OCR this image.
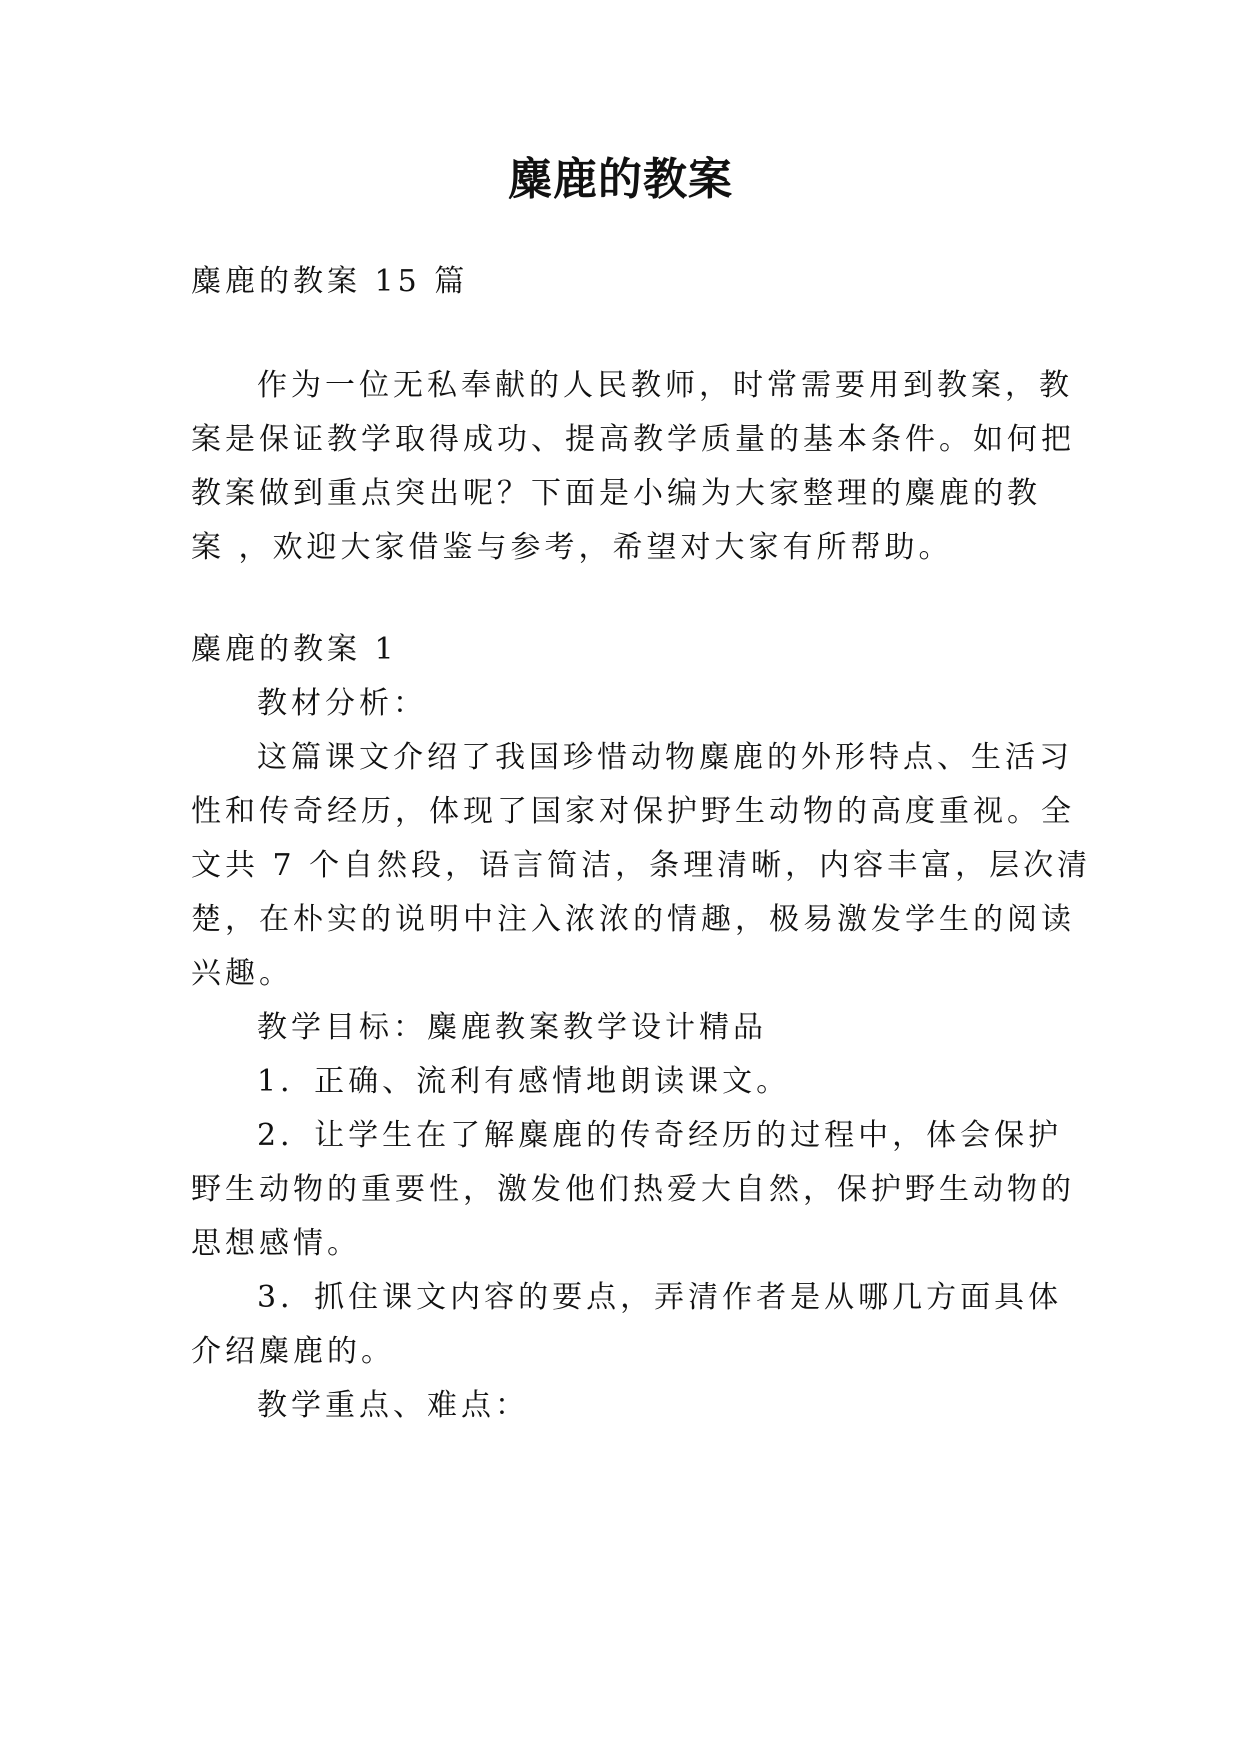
麋鹿的教案
麋鹿的教案 15 篇
作为一位无私奉献的人民教师，时常需要用到教案，教
案是保证教学取得成功、提高教学质量的基本条件。如何把
教案做到重点突出呢？下面是小编为大家整理的麋鹿的教
案 ，欢迎大家借鉴与参考，希望对大家有所帮助。
麋鹿的教案 1
教材分析：
这篇课文介绍了我国珍惜动物麋鹿的外形特点、生活习
性和传奇经历，体现了国家对保护野生动物的高度重视。全
文共 7 个自然段，语言简洁，条理清晰，内容丰富，层次清
楚，在朴实的说明中注入浓浓的情趣，极易激发学生的阅读
兴趣。
教学目标：麋鹿教案教学设计精品
1．正确、流利有感情地朗读课文。
2．让学生在了解麋鹿的传奇经历的过程中，体会保护
野生动物的重要性，激发他们热爱大自然，保护野生动物的
思想感情。
3．抓住课文内容的要点，弄清作者是从哪几方面具体
介绍麋鹿的。
教学重点、难点：
